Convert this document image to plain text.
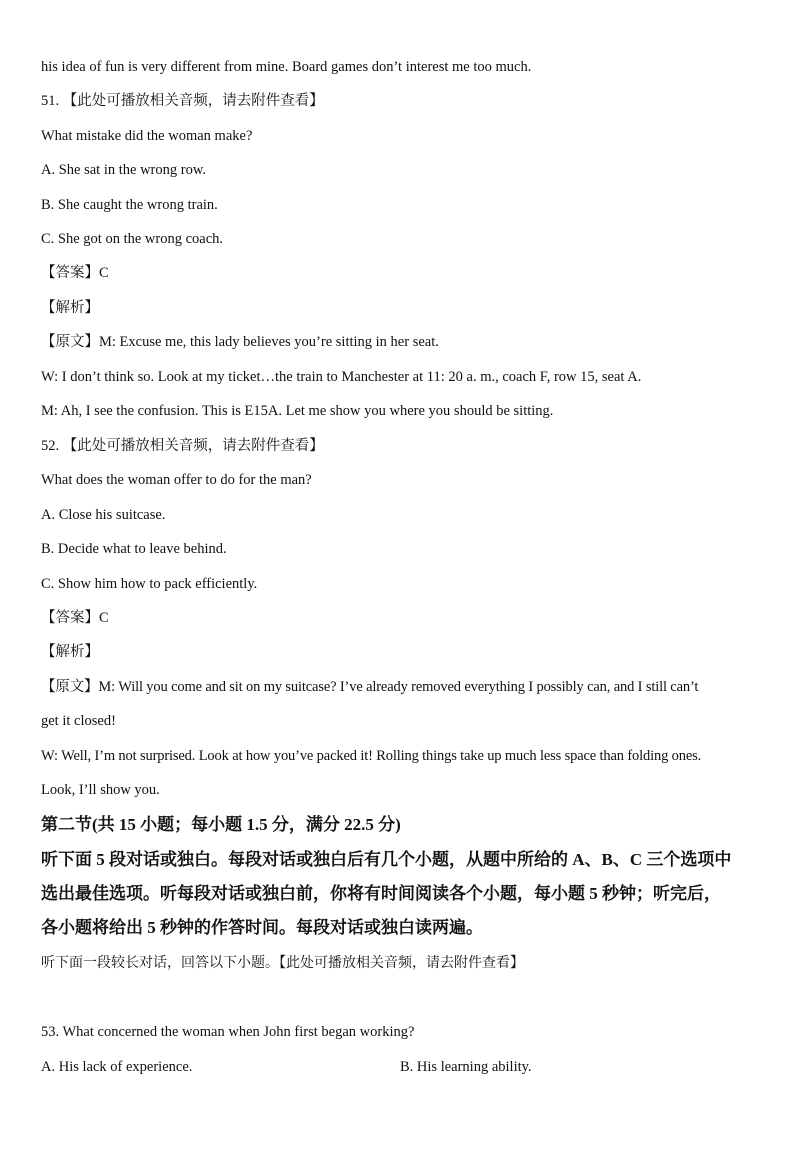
his idea of fun is very different from mine. Board games don’t interest me too much.
51. 【此处可播放相关音频，请去附件查看】
What mistake did the woman make?
A. She sat in the wrong row.
B. She caught the wrong train.
C. She got on the wrong coach.
【答案】C
【解析】
【原文】M: Excuse me, this lady believes you’re sitting in her seat.
W: I don’t think so. Look at my ticket…the train to Manchester at 11: 20 a. m., coach F, row 15, seat A.
M: Ah, I see the confusion. This is E15A. Let me show you where you should be sitting.
52. 【此处可播放相关音频，请去附件查看】
What does the woman offer to do for the man?
A. Close his suitcase.
B. Decide what to leave behind.
C. Show him how to pack efficiently.
【答案】C
【解析】
【原文】M: Will you come and sit on my suitcase? I’ve already removed everything I possibly can, and I still can’t
get it closed!
W: Well, I’m not surprised. Look at how you’ve packed it! Rolling things take up much less space than folding ones.
Look, I’ll show you.
第二节(共 15 小题；每小题 1.5 分，满分 22.5 分)
听下面 5 段对话或独白。每段对话或独白后有几个小题，从题中所给的 A、B、C 三个选项中
选出最佳选项。听每段对话或独白前，你将有时间阅读各个小题，每小题 5 秒钟；听完后，
各小题将给出 5 秒钟的作答时间。每段对话或独白读两遍。
听下面一段较长对话，回答以下小题。【此处可播放相关音频，请去附件查看】
53. What concerned the woman when John first began working?
A. His lack of experience.	B. His learning ability.
